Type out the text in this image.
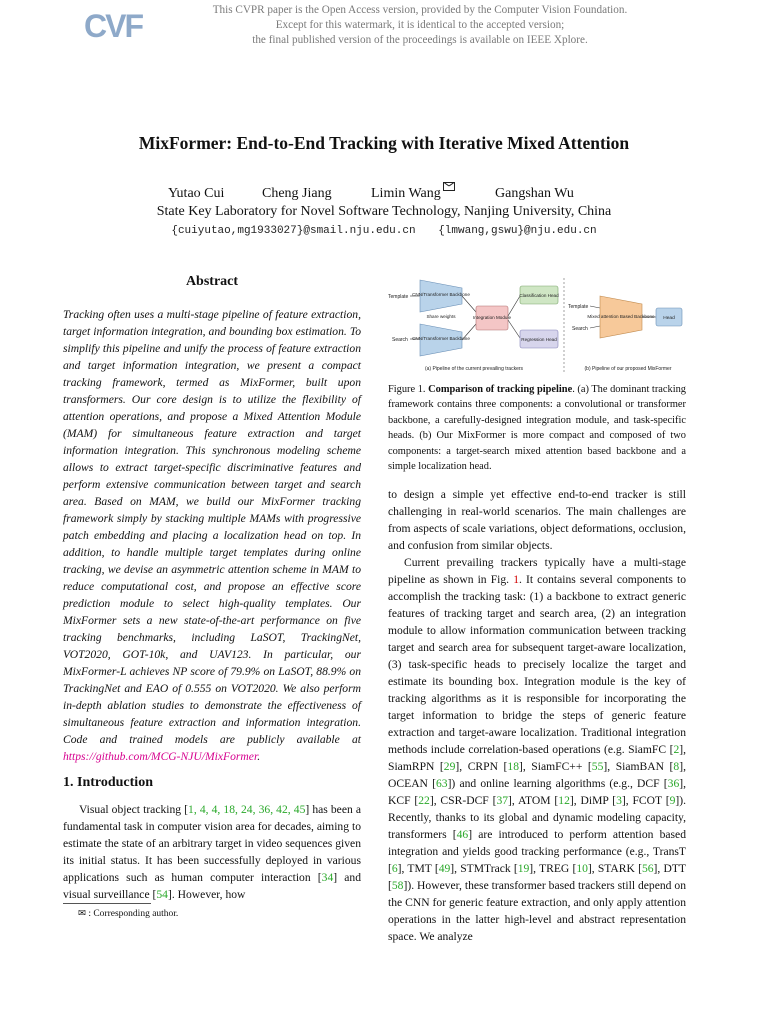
CVF	This CVPR paper is the Open Access version, provided by the Computer Vision Foundation.
Except for this watermark, it is identical to the accepted version;
the final published version of the proceedings is available on IEEE Xplore.
MixFormer: End-to-End Tracking with Iterative Mixed Attention
Yutao Cui	Cheng Jiang	Limin Wang	Gangshan Wu
State Key Laboratory for Novel Software Technology, Nanjing University, China
{cuiyutao,mg1933027}@smail.nju.edu.cn {lmwang,gswu}@nju.edu.cn
Abstract

Tracking often uses a multi-stage pipeline of feature extraction, target information integration, and bounding box estimation. To simplify this pipeline and unify the process of feature extraction and target information integration, we present a compact tracking framework, termed as MixFormer, built upon transformers. Our core design is to utilize the flexibility of attention operations, and propose a Mixed Attention Module (MAM) for simultaneous feature extraction and target information integration. This synchronous modeling scheme allows to extract target-specific discriminative features and perform extensive communication between target and search area. Based on MAM, we build our MixFormer tracking framework simply by stacking multiple MAMs with progressive patch embedding and placing a localization head on top. In addition, to handle multiple target templates during online tracking, we devise an asymmetric attention scheme in MAM to reduce computational cost, and propose an effective score prediction module to select high-quality templates. Our MixFormer sets a new state-of-the-art performance on five tracking benchmarks, including LaSOT, TrackingNet, VOT2020, GOT-10k, and UAV123. In particular, our MixFormer-L achieves NP score of 79.9% on LaSOT, 88.9% on TrackingNet and EAO of 0.555 on VOT2020. We also perform in-depth ablation studies to demonstrate the effectiveness of simultaneous feature extraction and information integration. Code and trained models are publicly available at https://github.com/MCG-NJU/MixFormer.

1. Introduction

Visual object tracking [1, 4, 4, 18, 24, 36, 42, 45] has been a fundamental task in computer vision area for decades, aiming to estimate the state of an arbitrary target in video sequences given its initial status. It has been successfully deployed in various applications such as human computer interaction [34] and visual surveillance [54]. However, how

✉ : Corresponding author.
Template
Search
CNN/Transformer Backbone
CNN/Transformer Backbone
Share weights	Integration Module
Classification Head
Regression Head
(a) Pipeline of the current prevailing trackers
Template
Search
Mixed attention Based Backbone Head
(b) Pipeline of our proposed MixFormer
Figure 1. Comparison of tracking pipeline. (a) The dominant tracking framework contains three components: a convolutional or transformer backbone, a carefully-designed integration module, and task-specific heads. (b) Our MixFormer is more compact and composed of two components: a target-search mixed attention based backbone and a simple localization head.

to design a simple yet effective end-to-end tracker is still challenging in real-world scenarios. The main challenges are from aspects of scale variations, object deformations, occlusion, and confusion from similar objects.

Current prevailing trackers typically have a multi-stage pipeline as shown in Fig. 1. It contains several components to accomplish the tracking task: (1) a backbone to extract generic features of tracking target and search area, (2) an integration module to allow information communication between tracking target and search area for subsequent target-aware localization, (3) task-specific heads to precisely localize the target and estimate its bounding box. Integration module is the key of tracking algorithms as it is responsible for incorporating the target information to bridge the steps of generic feature extraction and target-aware localization. Traditional integration methods include correlation-based operations (e.g. SiamFC [2], SiamRPN [29], CRPN [18], SiamFC++ [55], SiamBAN [8], OCEAN [63]) and online learning algorithms (e.g., DCF [36], KCF [22], CSR-DCF [37], ATOM [12], DiMP [3], FCOT [9]). Recently, thanks to its global and dynamic modeling capacity, transformers [46] are introduced to perform attention based integration and yields good tracking performance (e.g., TransT [6], TMT [49], STMTrack [19], TREG [10], STARK [56], DTT [58]). However, these transformer based trackers still depend on the CNN for generic feature extraction, and only apply attention operations in the latter high-level and abstract representation space. We analyze
